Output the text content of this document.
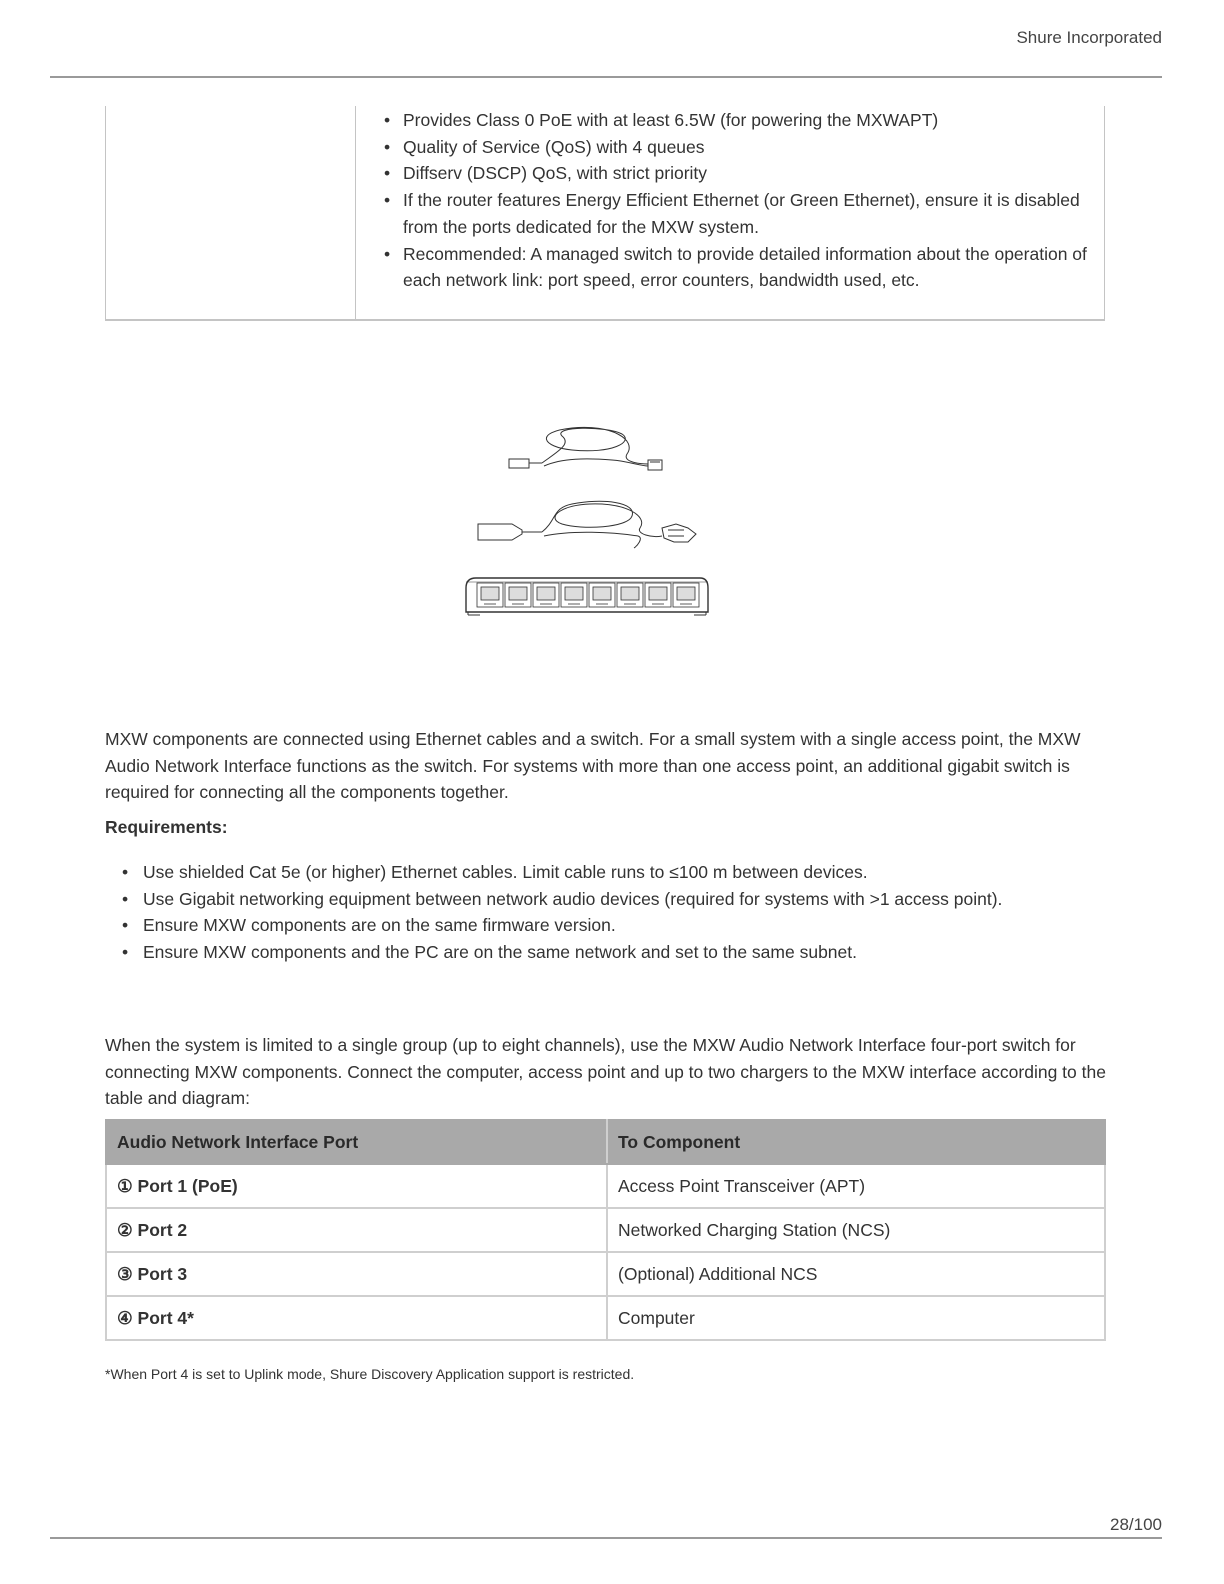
Shure Incorporated
• Provides Class 0 PoE with at least 6.5W (for powering the MXWAPT)
• Quality of Service (QoS) with 4 queues
• Diffserv (DSCP) QoS, with strict priority
• If the router features Energy Efficient Ethernet (or Green Ethernet), ensure it is disabled from the ports dedicated for the MXW system.
• Recommended: A managed switch to provide detailed information about the operation of each network link: port speed, error counters, bandwidth used, etc.

MXW components are connected using Ethernet cables and a switch. For a small system with a single access point, the MXW Audio Network Interface functions as the switch. For systems with more than one access point, an additional gigabit switch is required for connecting all the components together.

Requirements:
• Use shielded Cat 5e (or higher) Ethernet cables. Limit cable runs to ≤100 m between devices.
• Use Gigabit networking equipment between network audio devices (required for systems with >1 access point).
• Ensure MXW components are on the same firmware version.
• Ensure MXW components and the PC are on the same network and set to the same subnet.

When the system is limited to a single group (up to eight channels), use the MXW Audio Network Interface four-port switch for connecting MXW components. Connect the computer, access point and up to two chargers to the MXW interface according to the table and diagram:

Audio Network Interface Port	To Component
① Port 1 (PoE)	Access Point Transceiver (APT)
② Port 2	Networked Charging Station (NCS)
③ Port 3	(Optional) Additional NCS
④ Port 4*	Computer
*When Port 4 is set to Uplink mode, Shure Discovery Application support is restricted.
28/100
